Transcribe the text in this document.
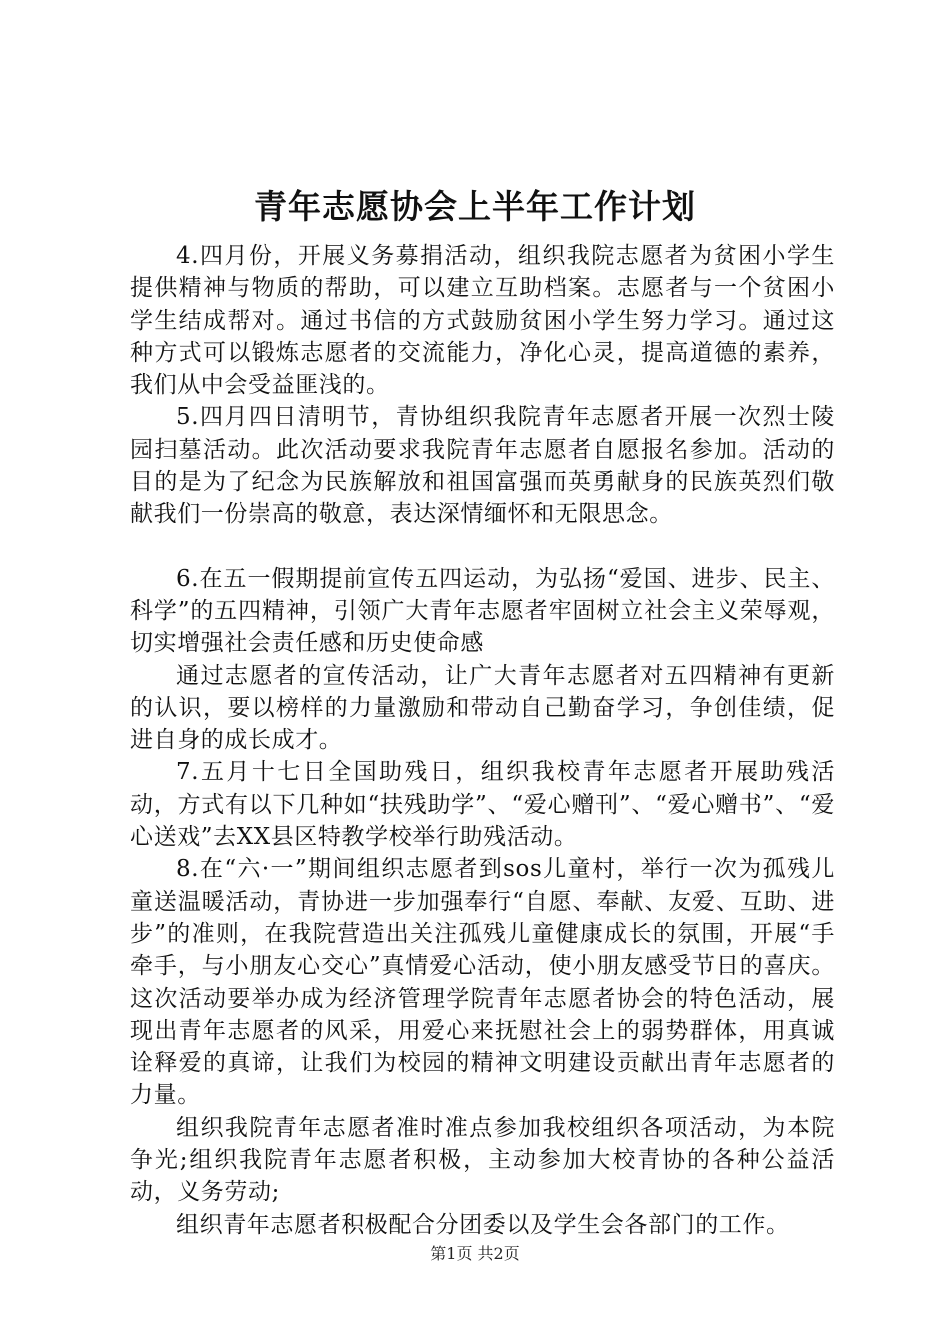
青年志愿协会上半年工作计划

4.四月份，开展义务募捐活动，组织我院志愿者为贫困小学生提供精神与物质的帮助，可以建立互助档案。志愿者与一个贫困小学生结成帮对。通过书信的方式鼓励贫困小学生努力学习。通过这种方式可以锻炼志愿者的交流能力，净化心灵，提高道德的素养，我们从中会受益匪浅的。

5.四月四日清明节，青协组织我院青年志愿者开展一次烈士陵园扫墓活动。此次活动要求我院青年志愿者自愿报名参加。活动的目的是为了纪念为民族解放和祖国富强而英勇献身的民族英烈们敬献我们一份崇高的敬意，表达深情缅怀和无限思念。

6.在五一假期提前宣传五四运动，为弘扬“爱国、进步、民主、科学”的五四精神，引领广大青年志愿者牢固树立社会主义荣辱观，切实增强社会责任感和历史使命感

通过志愿者的宣传活动，让广大青年志愿者对五四精神有更新的认识，要以榜样的力量激励和带动自己勤奋学习，争创佳绩，促进自身的成长成才。

7.五月十七日全国助残日，组织我校青年志愿者开展助残活动，方式有以下几种如“扶残助学”、“爱心赠刊”、“爱心赠书”、“爱心送戏”去XX县区特教学校举行助残活动。

8.在“六·一”期间组织志愿者到sos儿童村，举行一次为孤残儿童送温暖活动，青协进一步加强奉行“自愿、奉献、友爱、互助、进步”的准则，在我院营造出关注孤残儿童健康成长的氛围，开展“手牵手，与小朋友心交心”真情爱心活动，使小朋友感受节日的喜庆。这次活动要举办成为经济管理学院青年志愿者协会的特色活动，展现出青年志愿者的风采，用爱心来抚慰社会上的弱势群体，用真诚诠释爱的真谛，让我们为校园的精神文明建设贡献出青年志愿者的力量。

组织我院青年志愿者准时准点参加我校组织各项活动，为本院争光;组织我院青年志愿者积极，主动参加大校青协的各种公益活动，义务劳动;

组织青年志愿者积极配合分团委以及学生会各部门的工作。

第1页 共2页
